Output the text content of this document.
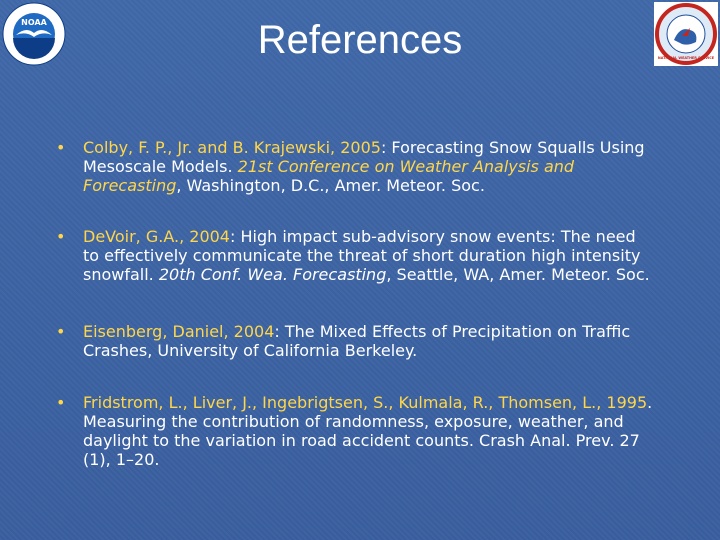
NOAA
NATIONAL WEATHER SERVICE
References
• Colby, F. P., Jr. and B. Krajewski, 2005: Forecasting Snow Squalls Using Mesoscale Models. 21st Conference on Weather Analysis and Forecasting, Washington, D.C., Amer. Meteor. Soc.
• DeVoir, G.A., 2004: High impact sub-advisory snow events: The need to effectively communicate the threat of short duration high intensity snowfall. 20th Conf. Wea. Forecasting, Seattle, WA, Amer. Meteor. Soc.
• Eisenberg, Daniel, 2004: The Mixed Effects of Precipitation on Traffic Crashes, University of California Berkeley.
• Fridstrom, L., Liver, J., Ingebrigtsen, S., Kulmala, R., Thomsen, L., 1995. Measuring the contribution of randomness, exposure, weather, and daylight to the variation in road accident counts. Crash Anal. Prev. 27 (1), 1–20.
